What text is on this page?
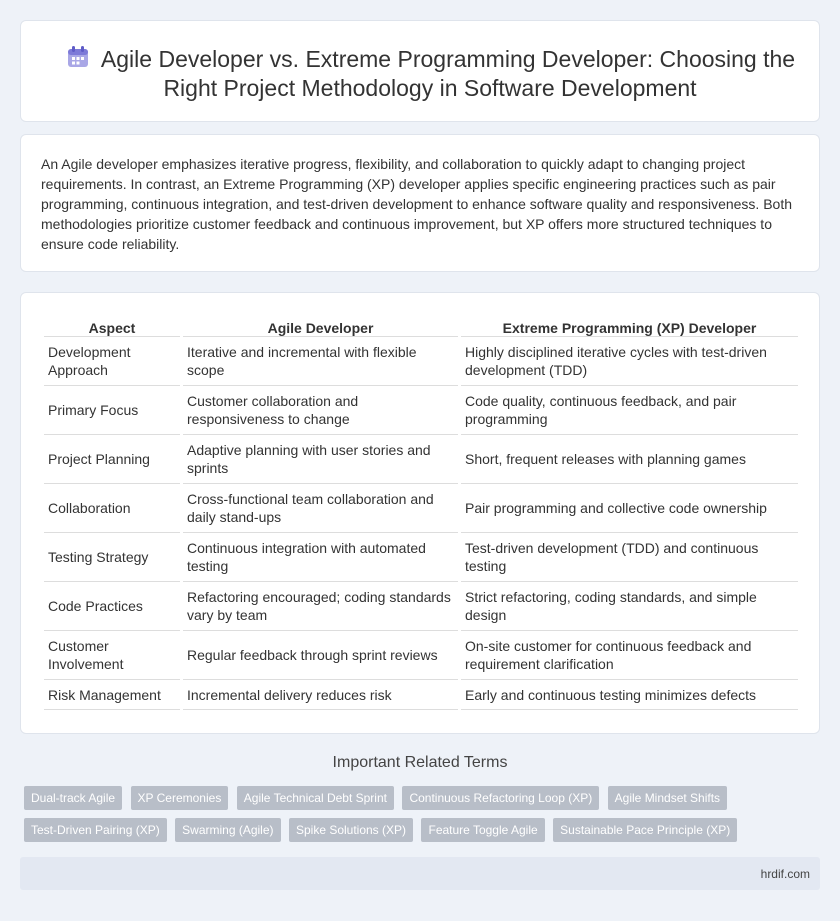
Agile Developer vs. Extreme Programming Developer: Choosing the Right Project Methodology in Software Development

An Agile developer emphasizes iterative progress, flexibility, and collaboration to quickly adapt to changing project requirements. In contrast, an Extreme Programming (XP) developer applies specific engineering practices such as pair programming, continuous integration, and test-driven development to enhance software quality and responsiveness. Both methodologies prioritize customer feedback and continuous improvement, but XP offers more structured techniques to ensure code reliability.

Aspect	Agile Developer	Extreme Programming (XP) Developer
Development Approach	Iterative and incremental with flexible scope	Highly disciplined iterative cycles with test-driven development (TDD)
Primary Focus	Customer collaboration and responsiveness to change	Code quality, continuous feedback, and pair programming
Project Planning	Adaptive planning with user stories and sprints	Short, frequent releases with planning games
Collaboration	Cross-functional team collaboration and daily stand-ups	Pair programming and collective code ownership
Testing Strategy	Continuous integration with automated testing	Test-driven development (TDD) and continuous testing
Code Practices	Refactoring encouraged; coding standards vary by team	Strict refactoring, coding standards, and simple design
Customer Involvement	Regular feedback through sprint reviews	On-site customer for continuous feedback and requirement clarification
Risk Management	Incremental delivery reduces risk	Early and continuous testing minimizes defects
Important Related Terms
Dual-track Agile XP Ceremonies Agile Technical Debt Sprint Continuous Refactoring Loop (XP) Agile Mindset Shifts Test-Driven Pairing (XP) Swarming (Agile) Spike Solutions (XP) Feature Toggle Agile Sustainable Pace Principle (XP)
hrdif.com
